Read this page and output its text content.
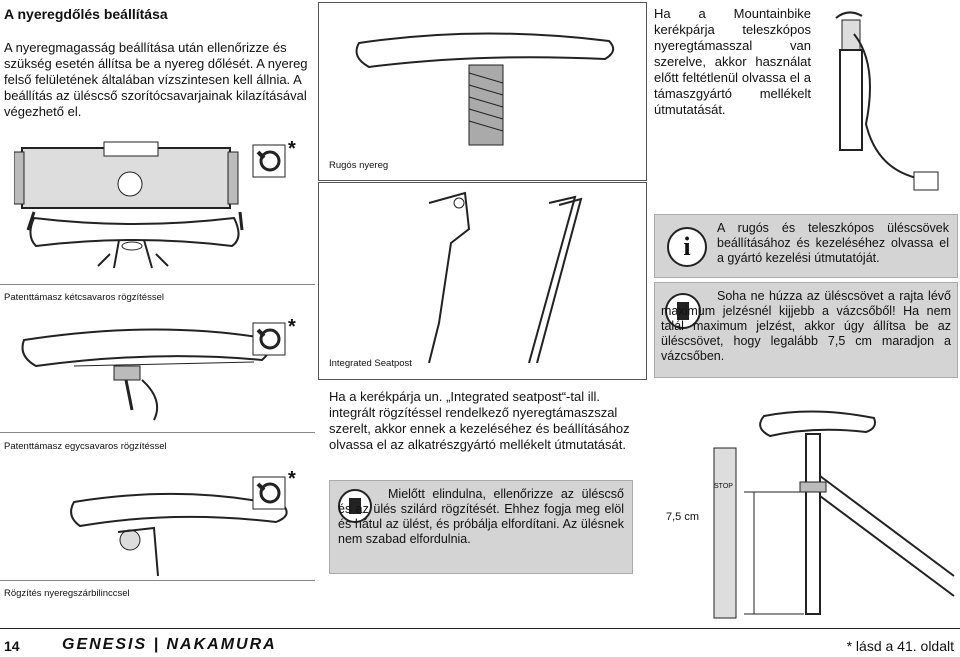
A nyeregdőlés beállítása
A nyeregmagasság beállítása után ellenőrizze és szükség esetén állítsa be a nyereg dőlését. A nyereg felső felületének általában vízszintesen kell állnia. A beállítás az üléscső szorítócsavarjainak kilazításával végezhető el.
*
Patenttámasz kétcsavaros rögzítéssel
*
Patenttámasz egycsavaros rögzítéssel
*
Rögzítés nyeregszárbilinccsel
Rugós nyereg
Integrated Seatpost
Ha a kerékpárja un. „Integrated seatpost“-tal ill. integrált rögzítéssel rendelkező nyeregtámaszszal szerelt, akkor ennek a kezeléséhez és beállításához olvassa el az alkatrészgyártó mellékelt útmutatását.

Mielőtt elindulna, ellenőrizze az üléscső és az ülés szilárd rögzítését. Ehhez fogja meg elöl és hátul az ülést, és próbálja elfordítani. Az ülésnek nem szabad elfordulnia.

Ha a Mountainbike kerékpárja teleszkópos nyeregtámasszal van szerelve, akkor használat előtt feltétlenül olvassa el a támaszgyártó mellékelt útmutatását.
i

A rugós és teleszkópos üléscsövek beállításához és kezeléséhez olvassa el a gyártó kezelési útmutatóját.

Soha ne húzza az üléscsövet a rajta lévő maximum jelzésnél kijjebb a vázcsőből! Ha nem talál maximum jelzést, akkor úgy állítsa be az üléscsövet, hogy legalább 7,5 cm maradjon a vázcsőben.

STOP
7,5 cm
14	GENESIS | NAKAMURA	* lásd a 41. oldalt
